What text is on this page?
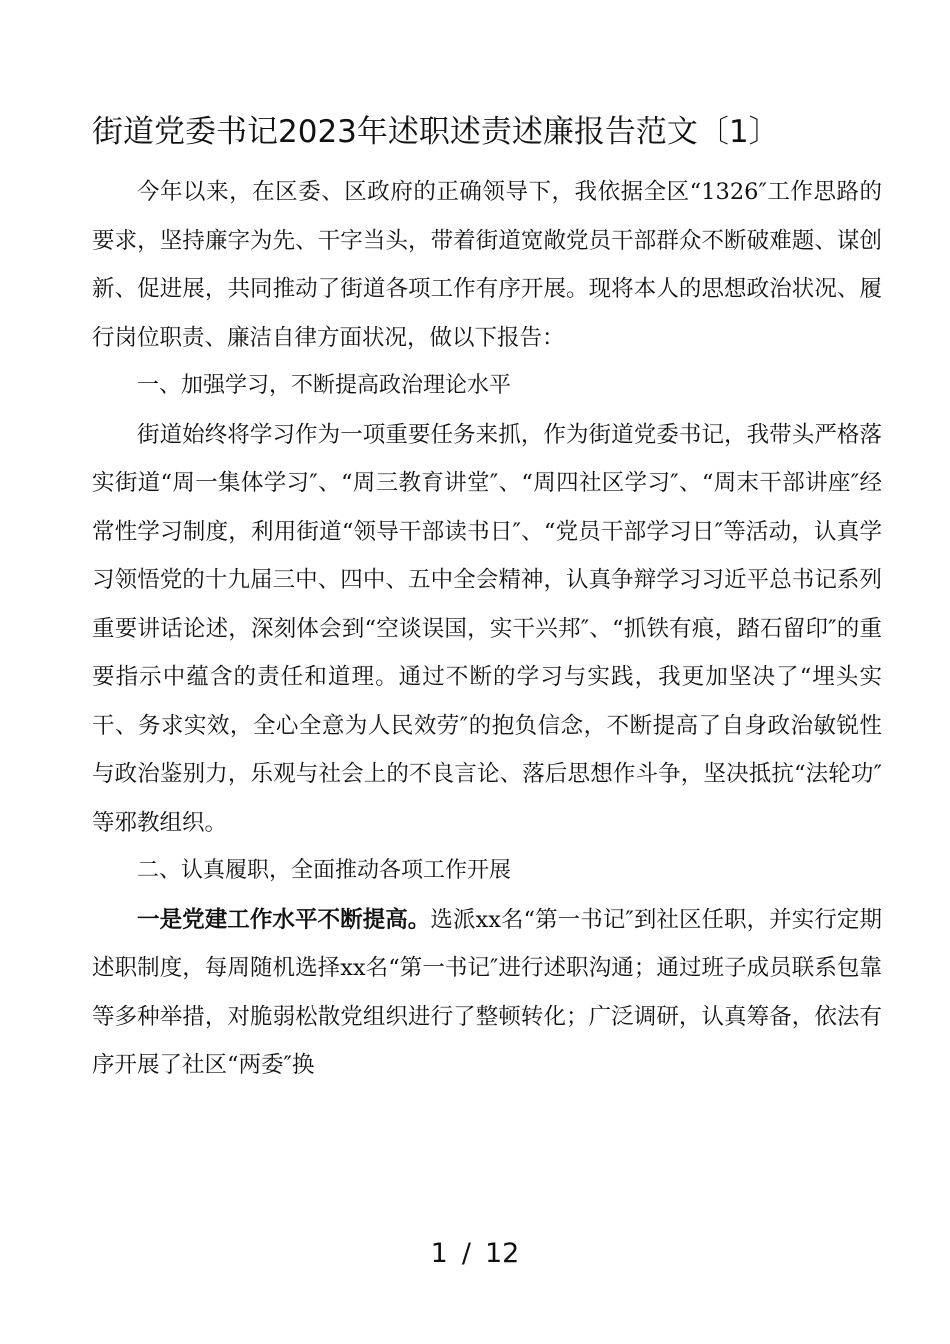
街道党委书记2023年述职述责述廉报告范文〔1〕

今年以来，在区委、区政府的正确领导下，我依据全区“1326″工作思路的要求，坚持廉字为先、干字当头，带着街道宽敞党员干部群众不断破难题、谋创新、促进展，共同推动了街道各项工作有序开展。现将本人的思想政治状况、履行岗位职责、廉洁自律方面状况，做以下报告：

一、加强学习，不断提高政治理论水平

街道始终将学习作为一项重要任务来抓，作为街道党委书记，我带头严格落实街道“周一集体学习″、“周三教育讲堂″、“周四社区学习″、“周末干部讲座″经常性学习制度，利用街道“领导干部读书日″、“党员干部学习日″等活动，认真学习领悟党的十九届三中、四中、五中全会精神，认真争辩学习习近平总书记系列重要讲话论述，深刻体会到“空谈误国，实干兴邦″、“抓铁有痕，踏石留印″的重要指示中蕴含的责任和道理。通过不断的学习与实践，我更加坚决了“埋头实干、务求实效，全心全意为人民效劳″的抱负信念，不断提高了自身政治敏锐性与政治鉴别力，乐观与社会上的不良言论、落后思想作斗争，坚决抵抗“法轮功″等邪教组织。

二、认真履职，全面推动各项工作开展

一是党建工作水平不断提高。选派xx名“第一书记″到社区任职，并实行定期述职制度，每周随机选择xx名“第一书记″进行述职沟通；通过班子成员联系包靠等多种举措，对脆弱松散党组织进行了整顿转化；广泛调研，认真筹备，依法有序开展了社区“两委″换

1 / 12
